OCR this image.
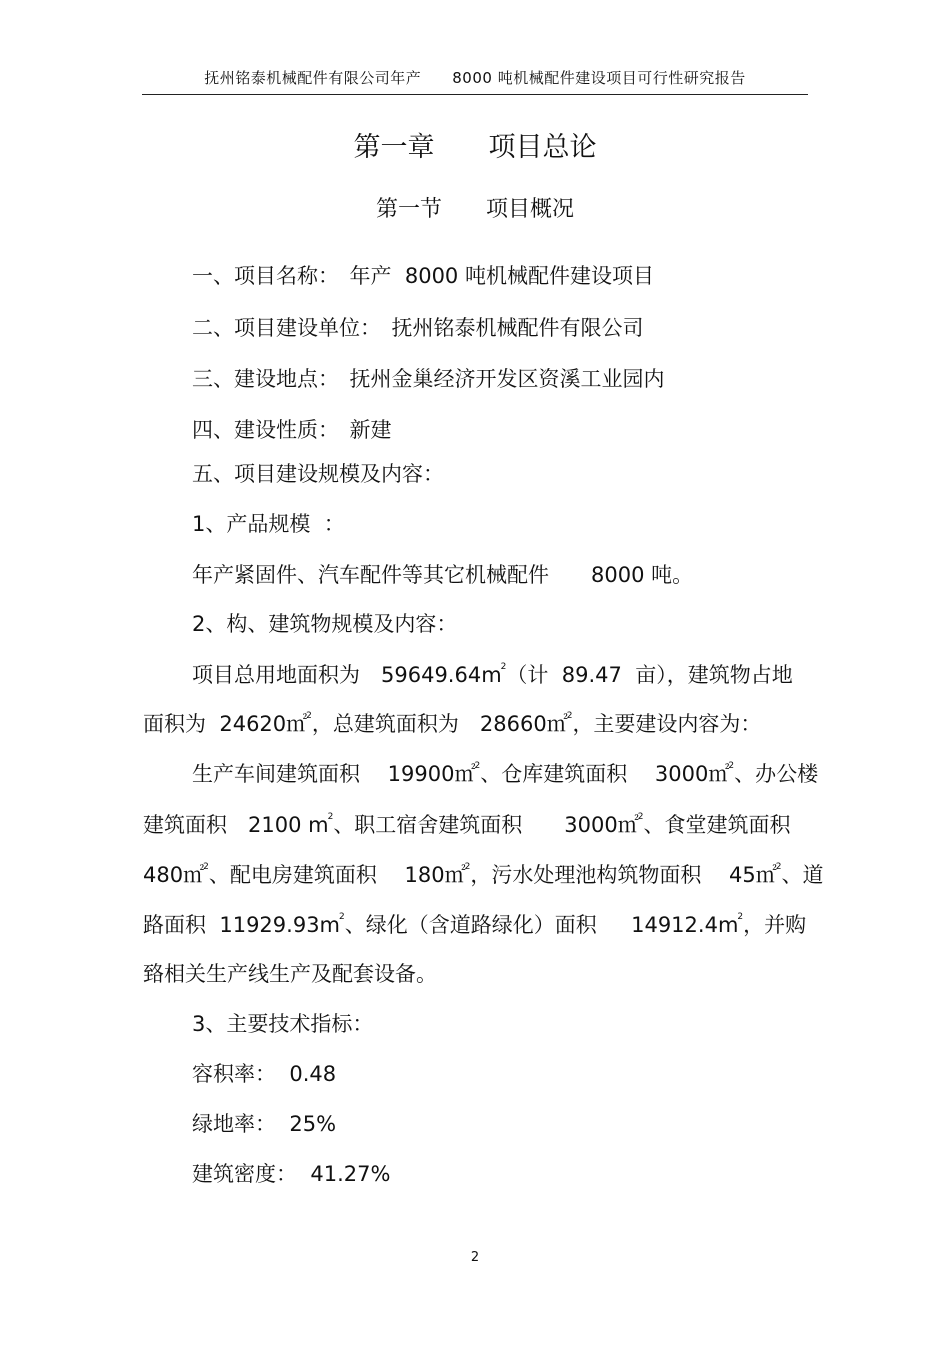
抚州铭泰机械配件有限公司年产　　8000 吨机械配件建设项目可行性研究报告
第一章　　项目总论
第一节　　项目概况
一、项目名称：　年产  8000 吨机械配件建设项目
二、项目建设单位：　抚州铭泰机械配件有限公司
三、建设地点：　抚州金巢经济开发区资溪工业园内
四、建设性质：　新建
五、项目建设规模及内容：
1、产品规模  ：
年产紧固件、汽车配件等其它机械配件　　8000 吨。
2、构、建筑物规模及内容：
项目总用地面积为　$59649.64m^2$（计  89.47  亩），建筑物占地
面积为  24620㎡$^2$，总建筑面积为　28660㎡$^2$，主要建设内容为：
生产车间建筑面积　 19900㎡$^2$、仓库建筑面积　 3000㎡$^2$、办公楼
建筑面积　2100 $m^2$、职工宿舍建筑面积　　3000㎡$^2$、食堂建筑面积
480㎡$^2$、配电房建筑面积　 180㎡$^2$，污水处理池构筑物面积　 45㎡$^2$、道
路面积  $11929.93m^2$、绿化（含道路绿化）面积　  $14912.4m^2$，并购
臵相关生产线生产及配套设备。
3、主要技术指标：
容积率：  0.48
绿地率：  25%
建筑密度：  41.27%
2
